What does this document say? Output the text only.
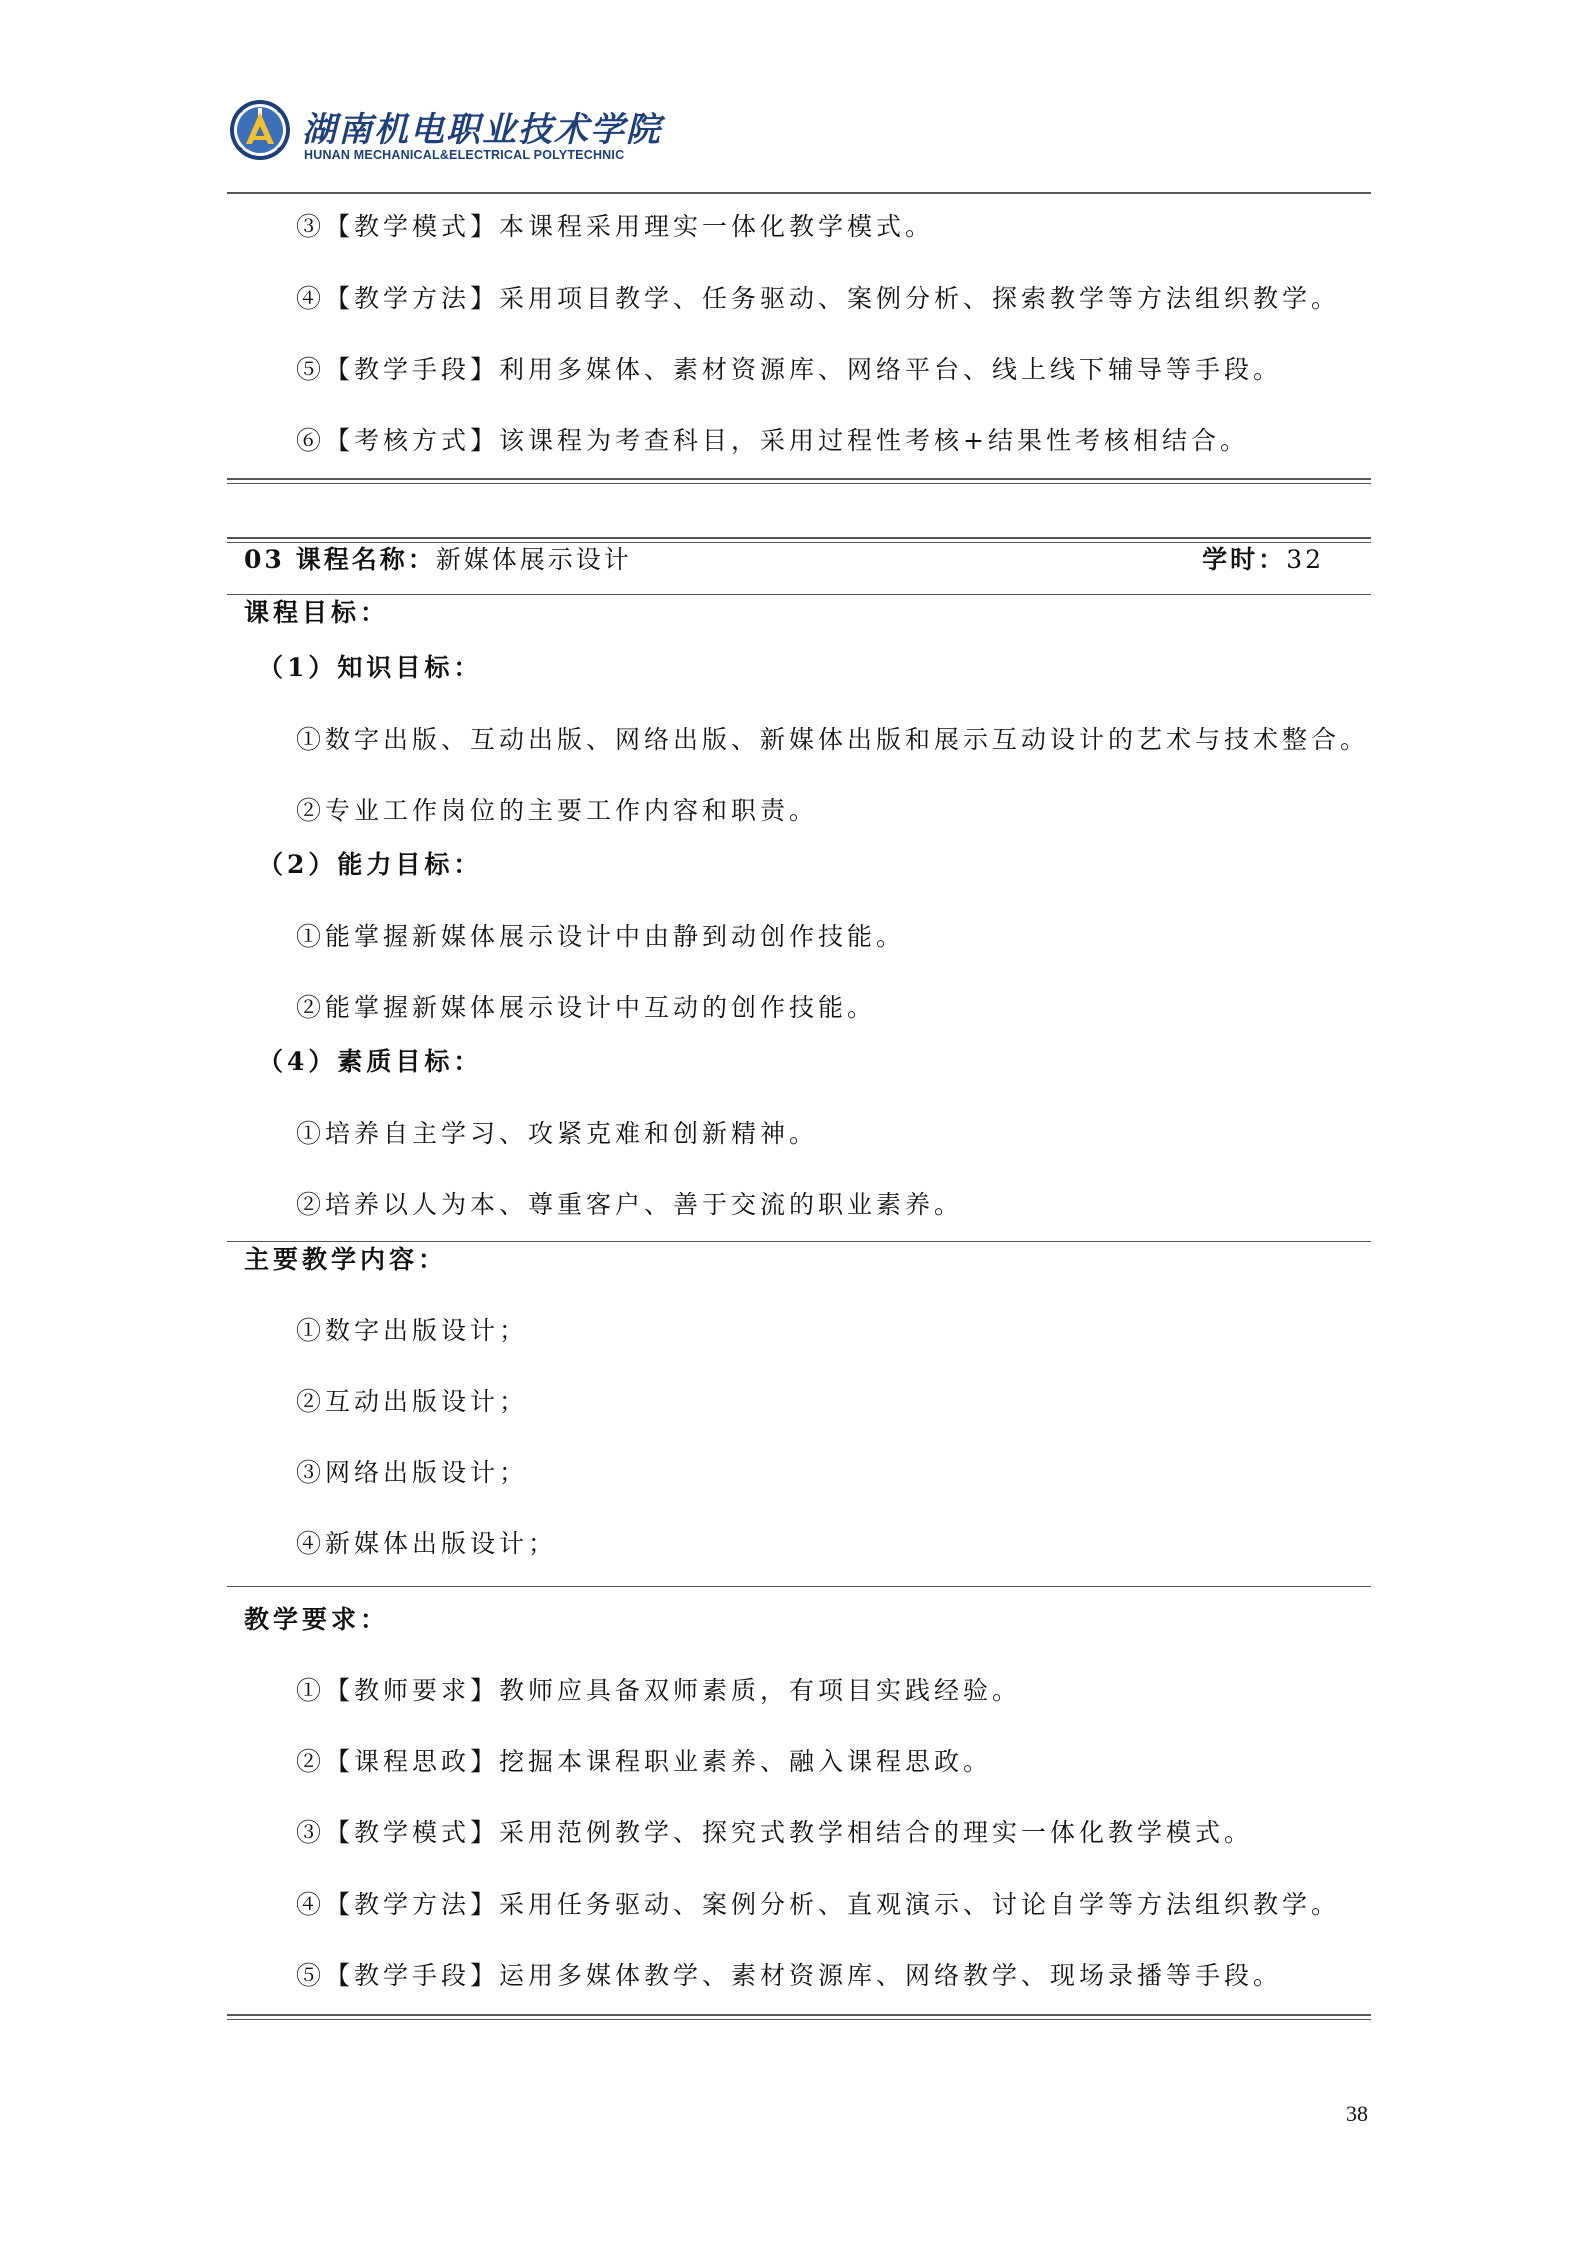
湖南机电职业技术学院
HUNAN MECHANICAL&ELECTRICAL POLYTECHNIC
③【教学模式】本课程采用理实一体化教学模式。
④【教学方法】采用项目教学、任务驱动、案例分析、探索教学等方法组织教学。
⑤【教学手段】利用多媒体、素材资源库、网络平台、线上线下辅导等手段。
⑥【考核方式】该课程为考查科目，采用过程性考核+结果性考核相结合。
03 课程名称：新媒体展示设计	学时：32
课程目标：
（1）知识目标：
①数字出版、互动出版、网络出版、新媒体出版和展示互动设计的艺术与技术整合。
②专业工作岗位的主要工作内容和职责。
（2）能力目标：
①能掌握新媒体展示设计中由静到动创作技能。
②能掌握新媒体展示设计中互动的创作技能。
（4）素质目标：
①培养自主学习、攻紧克难和创新精神。
②培养以人为本、尊重客户、善于交流的职业素养。
主要教学内容：
①数字出版设计；
②互动出版设计；
③网络出版设计；
④新媒体出版设计；
教学要求：
①【教师要求】教师应具备双师素质，有项目实践经验。
②【课程思政】挖掘本课程职业素养、融入课程思政。
③【教学模式】采用范例教学、探究式教学相结合的理实一体化教学模式。
④【教学方法】采用任务驱动、案例分析、直观演示、讨论自学等方法组织教学。
⑤【教学手段】运用多媒体教学、素材资源库、网络教学、现场录播等手段。
38
